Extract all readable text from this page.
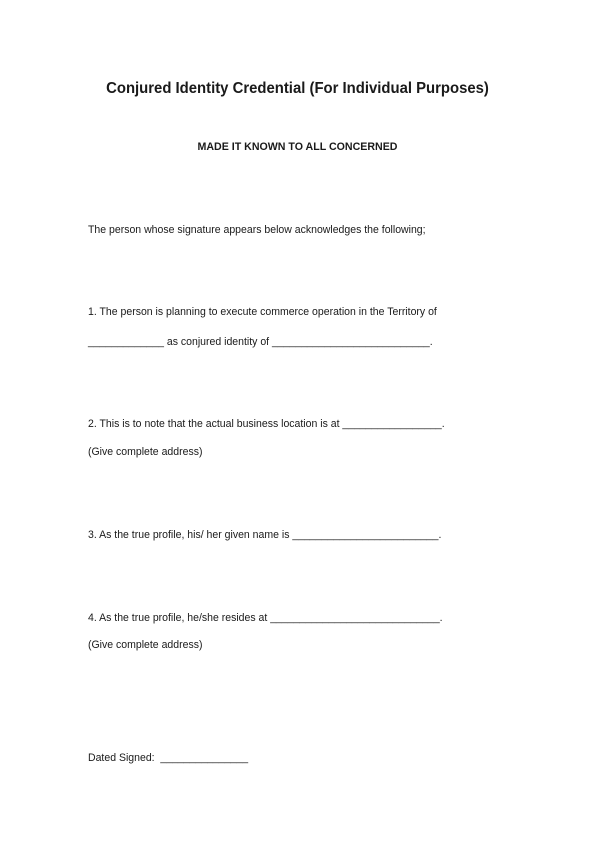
Conjured Identity Credential (For Individual Purposes)
MADE IT KNOWN TO ALL CONCERNED
The person whose signature appears below acknowledges the following;
1. The person is planning to execute commerce operation in the Territory of
_____________ as conjured identity of ___________________________.
2. This is to note that the actual business location is at _________________.
(Give complete address)
3. As the true profile, his/ her given name is _________________________.
4. As the true profile, he/she resides at _____________________________.
(Give complete address)
Dated Signed:  _______________
